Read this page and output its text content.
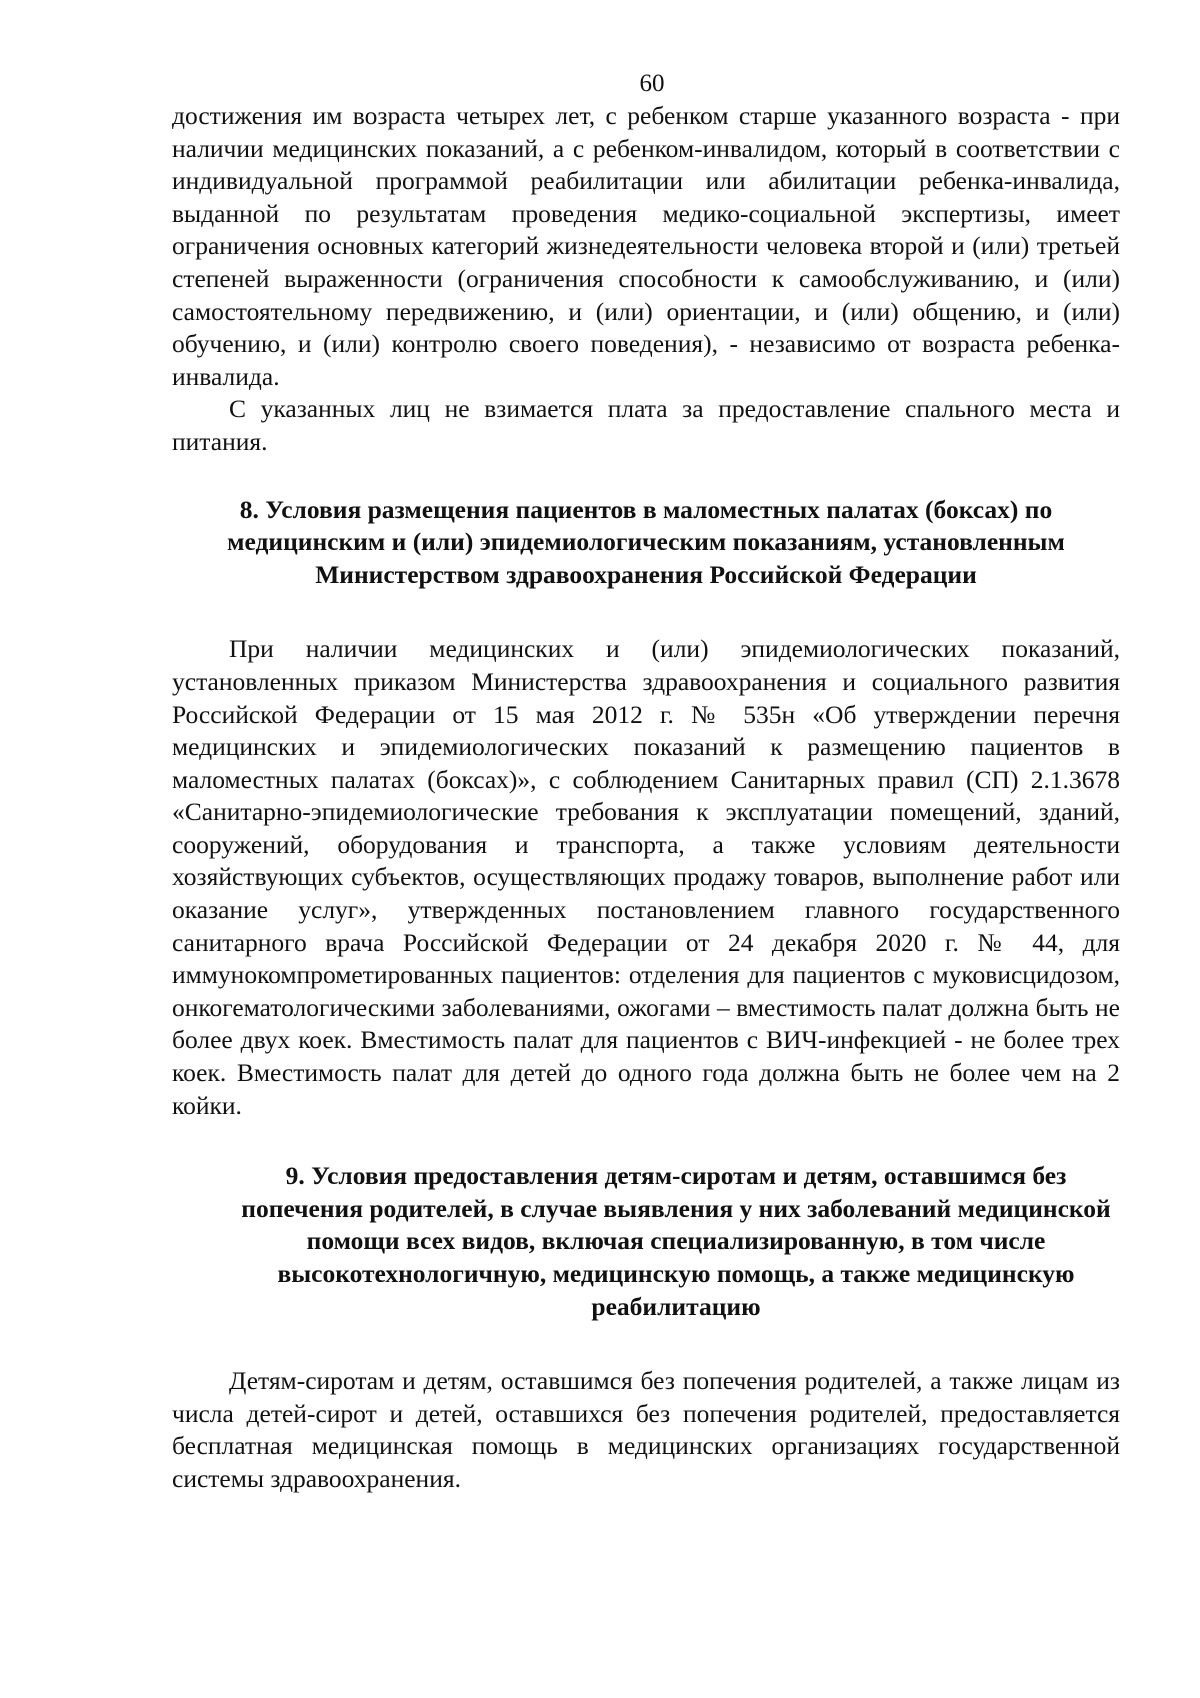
60

достижения им возраста четырех лет, с ребенком старше указанного возраста - при наличии медицинских показаний, а с ребенком-инвалидом, который в соответствии с индивидуальной программой реабилитации или абилитации ребенка-инвалида, выданной по результатам проведения медико-социальной экспертизы, имеет ограничения основных категорий жизнедеятельности человека второй и (или) третьей степеней выраженности (ограничения способности к самообслуживанию, и (или) самостоятельному передвижению, и (или) ориентации, и (или) общению, и (или) обучению, и (или) контролю своего поведения), - независимо от возраста ребенка-инвалида.

С указанных лиц не взимается плата за предоставление спального места и питания.

8. Условия размещения пациентов в маломестных палатах (боксах) по медицинским и (или) эпидемиологическим показаниям, установленным Министерством здравоохранения Российской Федерации

При наличии медицинских и (или) эпидемиологических показаний, установленных приказом Министерства здравоохранения и социального развития Российской Федерации от 15 мая 2012 г. № 535н «Об утверждении перечня медицинских и эпидемиологических показаний к размещению пациентов в маломестных палатах (боксах)», с соблюдением Санитарных правил (СП) 2.1.3678 «Санитарно-эпидемиологические требования к эксплуатации помещений, зданий, сооружений, оборудования и транспорта, а также условиям деятельности хозяйствующих субъектов, осуществляющих продажу товаров, выполнение работ или оказание услуг», утвержденных постановлением главного государственного санитарного врача Российской Федерации от 24 декабря 2020 г. № 44, для иммунокомпрометированных пациентов: отделения для пациентов с муковисцидозом, онкогематологическими заболеваниями, ожогами – вместимость палат должна быть не более двух коек. Вместимость палат для пациентов с ВИЧ-инфекцией - не более трех коек. Вместимость палат для детей до одного года должна быть не более чем на 2 койки.

9. Условия предоставления детям-сиротам и детям, оставшимся без попечения родителей, в случае выявления у них заболеваний медицинской помощи всех видов, включая специализированную, в том числе высокотехнологичную, медицинскую помощь, а также медицинскую реабилитацию

Детям-сиротам и детям, оставшимся без попечения родителей, а также лицам из числа детей-сирот и детей, оставшихся без попечения родителей, предоставляется бесплатная медицинская помощь в медицинских организациях государственной системы здравоохранения.
